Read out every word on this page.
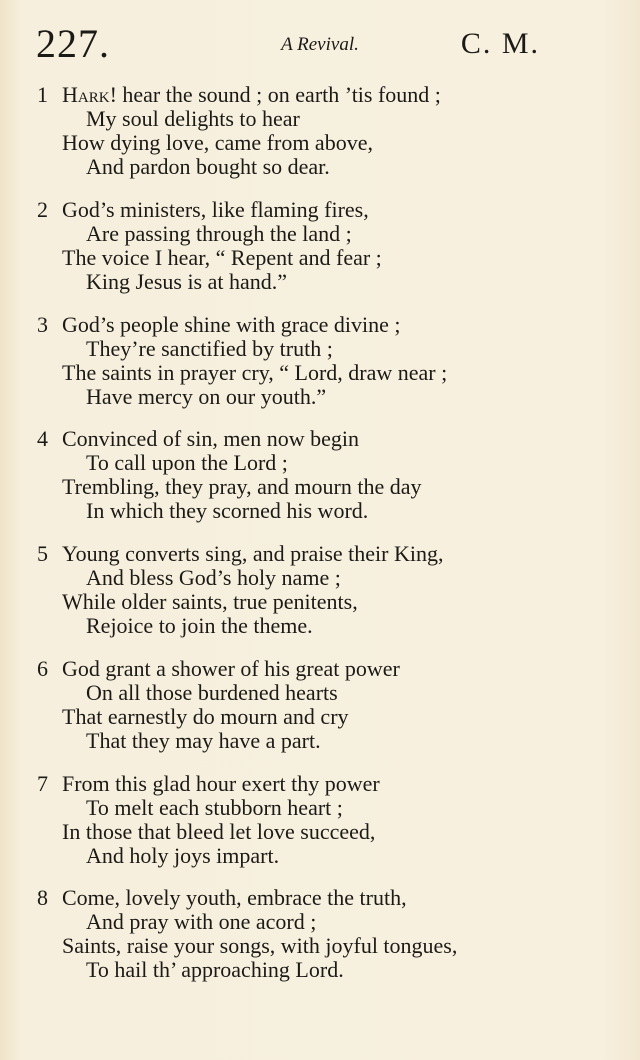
227.	A Revival.	C. M.
1 Hark! hear the sound ; on earth ’tis found ;
My soul delights to hear
How dying love, came from above,
And pardon bought so dear.
2 God’s ministers, like flaming fires,
Are passing through the land ;
The voice I hear, “ Repent and fear ;
King Jesus is at hand.”
3 God’s people shine with grace divine ;
They’re sanctified by truth ;
The saints in prayer cry, “ Lord, draw near ;
Have mercy on our youth.”
4 Convinced of sin, men now begin
To call upon the Lord ;
Trembling, they pray, and mourn the day
In which they scorned his word.
5 Young converts sing, and praise their King,
And bless God’s holy name ;
While older saints, true penitents,
Rejoice to join the theme.
6 God grant a shower of his great power
On all those burdened hearts
That earnestly do mourn and cry
That they may have a part.
7 From this glad hour exert thy power
To melt each stubborn heart ;
In those that bleed let love succeed,
And holy joys impart.
8 Come, lovely youth, embrace the truth,
And pray with one acord ;
Saints, raise your songs, with joyful tongues,
To hail th’ approaching Lord.
